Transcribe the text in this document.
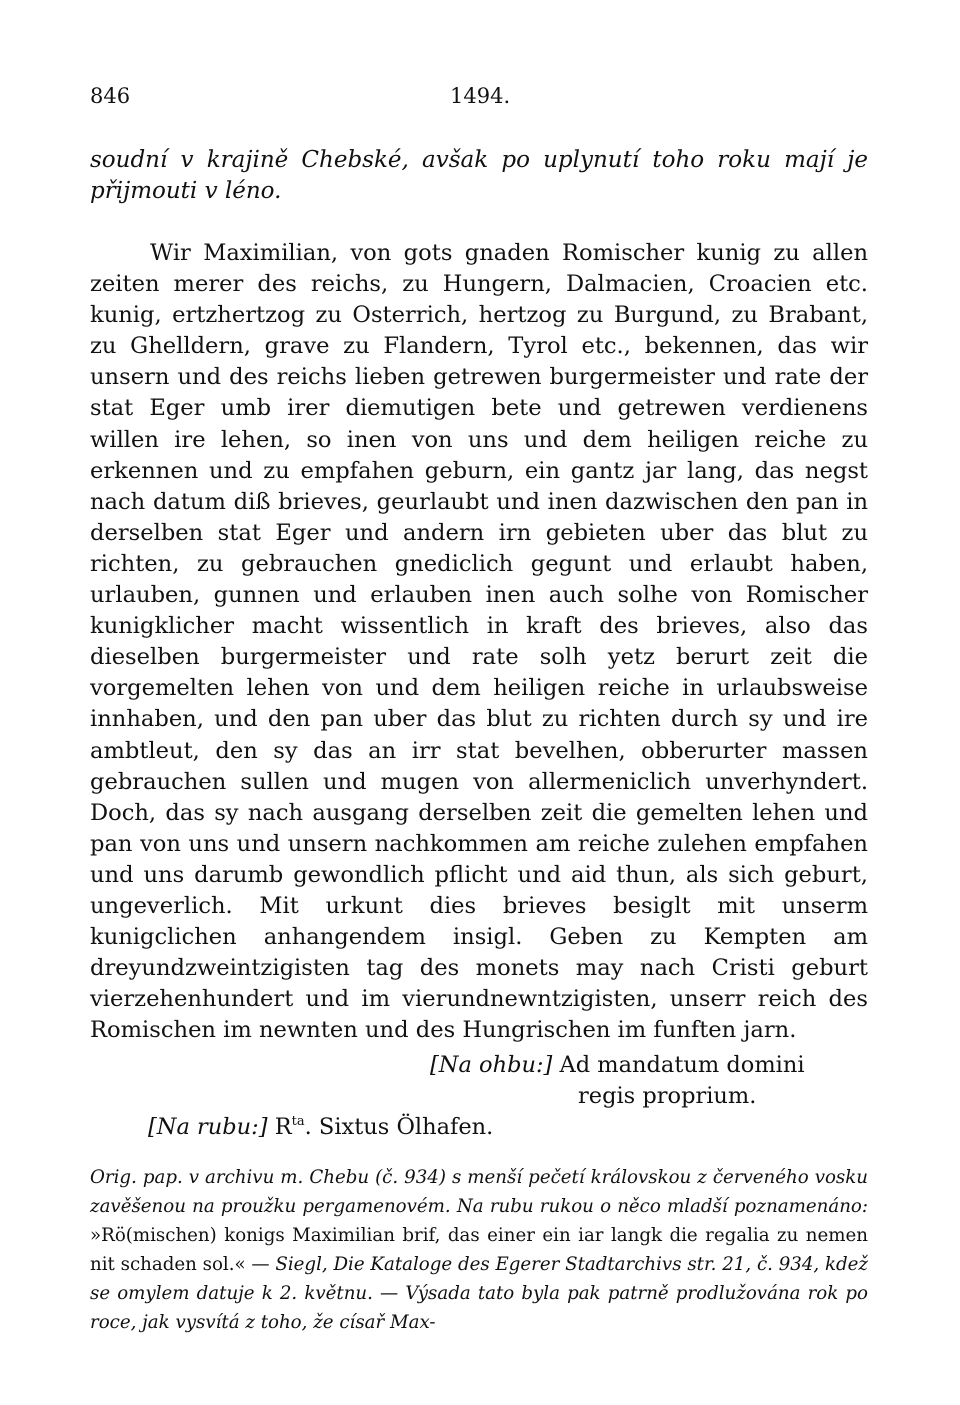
846	1494.
soudní v krajině Chebské, avšak po uplynutí toho roku mají je přijmouti v léno.

Wir Maximilian, von gots gnaden Romischer kunig zu allen zeiten merer des reichs, zu Hungern, Dalmacien, Croacien etc. kunig, ertzhertzog zu Osterrich, hertzog zu Burgund, zu Brabant, zu Ghelldern, grave zu Flandern, Tyrol etc., bekennen, das wir unsern und des reichs lieben getrewen burgermeister und rate der stat Eger umb irer diemutigen bete und getrewen verdienens willen ire lehen, so inen von uns und dem heiligen reiche zu erkennen und zu empfahen geburn, ein gantz jar lang, das negst nach datum diß brieves, geurlaubt und inen dazwischen den pan in derselben stat Eger und andern irn gebieten uber das blut zu richten, zu gebrauchen gnediclich gegunt und erlaubt haben, urlauben, gunnen und erlauben inen auch solhe von Romischer kunigklicher macht wissentlich in kraft des brieves, also das dieselben burgermeister und rate solh yetz berurt zeit die vorgemelten lehen von und dem heiligen reiche in urlaubsweise innhaben, und den pan uber das blut zu richten durch sy und ire ambtleut, den sy das an irr stat bevelhen, obberurter massen gebrauchen sullen und mugen von allermeniclich unverhyndert. Doch, das sy nach ausgang derselben zeit die gemelten lehen und pan von uns und unsern nachkommen am reiche zulehen empfahen und uns darumb gewondlich pflicht und aid thun, als sich geburt, ungeverlich. Mit urkunt dies brieves besiglt mit unserm kunigclichen anhangendem insigl. Geben zu Kempten am dreyundzweintzigisten tag des monets may nach Cristi geburt vierzehenhundert und im vierundnewntzigisten, unserr reich des Romischen im newnten und des Hungrischen im funften jarn.

[Na ohbu:] Ad mandatum domini
regis proprium.
[Na rubu:] $R^{ta}$. Sixtus Ölhafen.
Orig. pap. v archivu m. Chebu (č. 934) s menší pečetí královskou z červeného vosku zavěšenou na proužku pergamenovém. Na rubu rukou o něco mladší poznamenáno: »Rö(mischen) konigs Maximilian brif, das einer ein iar langk die regalia zu nemen nit schaden sol.« — Siegl, Die Kataloge des Egerer Stadtarchivs str. 21, č. 934, kdež se omylem datuje k 2. květnu. — Výsada tato byla pak patrně prodlužována rok po roce, jak vysvítá z toho, že císař Max-
